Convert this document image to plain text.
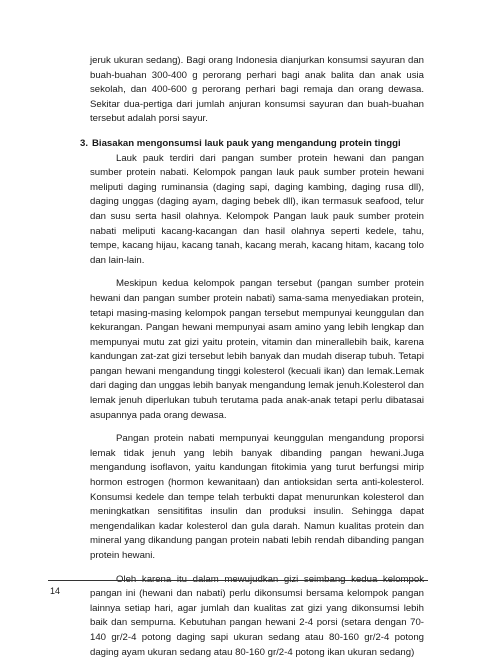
jeruk ukuran sedang). Bagi orang Indonesia dianjurkan konsumsi sayuran dan buah-buahan 300-400 g perorang perhari bagi anak balita dan anak usia sekolah, dan 400-600 g perorang perhari bagi remaja dan orang dewasa. Sekitar dua-pertiga dari jumlah anjuran konsumsi sayuran dan buah-buahan tersebut adalah porsi sayur.

3. Biasakan mengonsumsi lauk pauk yang mengandung protein tinggi

Lauk pauk terdiri dari pangan sumber protein hewani dan pangan sumber protein nabati. Kelompok pangan lauk pauk sumber protein hewani meliputi daging ruminansia (daging sapi, daging kambing, daging rusa dll), daging unggas (daging ayam, daging bebek dll), ikan termasuk seafood, telur dan susu serta hasil olahnya. Kelompok Pangan lauk pauk sumber protein nabati meliputi kacang-kacangan dan hasil olahnya seperti kedele, tahu, tempe, kacang hijau, kacang tanah, kacang merah, kacang hitam, kacang tolo dan lain-lain.

Meskipun kedua kelompok pangan tersebut (pangan sumber protein hewani dan pangan sumber protein nabati) sama-sama menyediakan protein, tetapi masing-masing kelompok pangan tersebut mempunyai keunggulan dan kekurangan. Pangan hewani mempunyai asam amino yang lebih lengkap dan mempunyai mutu zat gizi yaitu protein, vitamin dan minerallebih baik, karena kandungan zat-zat gizi tersebut lebih banyak dan mudah diserap tubuh. Tetapi pangan hewani mengandung tinggi kolesterol (kecuali ikan) dan lemak.Lemak dari daging dan unggas lebih banyak mengandung lemak jenuh.Kolesterol dan lemak jenuh diperlukan tubuh terutama pada anak-anak tetapi perlu dibatasai asupannya pada orang dewasa.

Pangan protein nabati mempunyai keunggulan mengandung proporsi lemak tidak jenuh yang lebih banyak dibanding pangan hewani.Juga mengandung isoflavon, yaitu kandungan fitokimia yang turut berfungsi mirip hormon estrogen (hormon kewanitaan) dan antioksidan serta anti-kolesterol. Konsumsi kedele dan tempe telah terbukti dapat menurunkan kolesterol dan meningkatkan sensitifitas insulin dan produksi insulin. Sehingga dapat mengendalikan kadar kolesterol dan gula darah. Namun kualitas protein dan mineral yang dikandung pangan protein nabati lebih rendah dibanding pangan protein hewani.

Oleh karena itu dalam mewujudkan gizi seimbang kedua kelompok pangan ini (hewani dan nabati) perlu dikonsumsi bersama kelompok pangan lainnya setiap hari, agar jumlah dan kualitas zat gizi yang dikonsumsi lebih baik dan sempurna. Kebutuhan pangan hewani 2-4 porsi (setara dengan 70-140 gr/2-4 potong daging sapi ukuran sedang atau 80-160 gr/2-4 potong daging ayam ukuran sedang atau 80-160 gr/2-4 potong ikan ukuran sedang)

14
